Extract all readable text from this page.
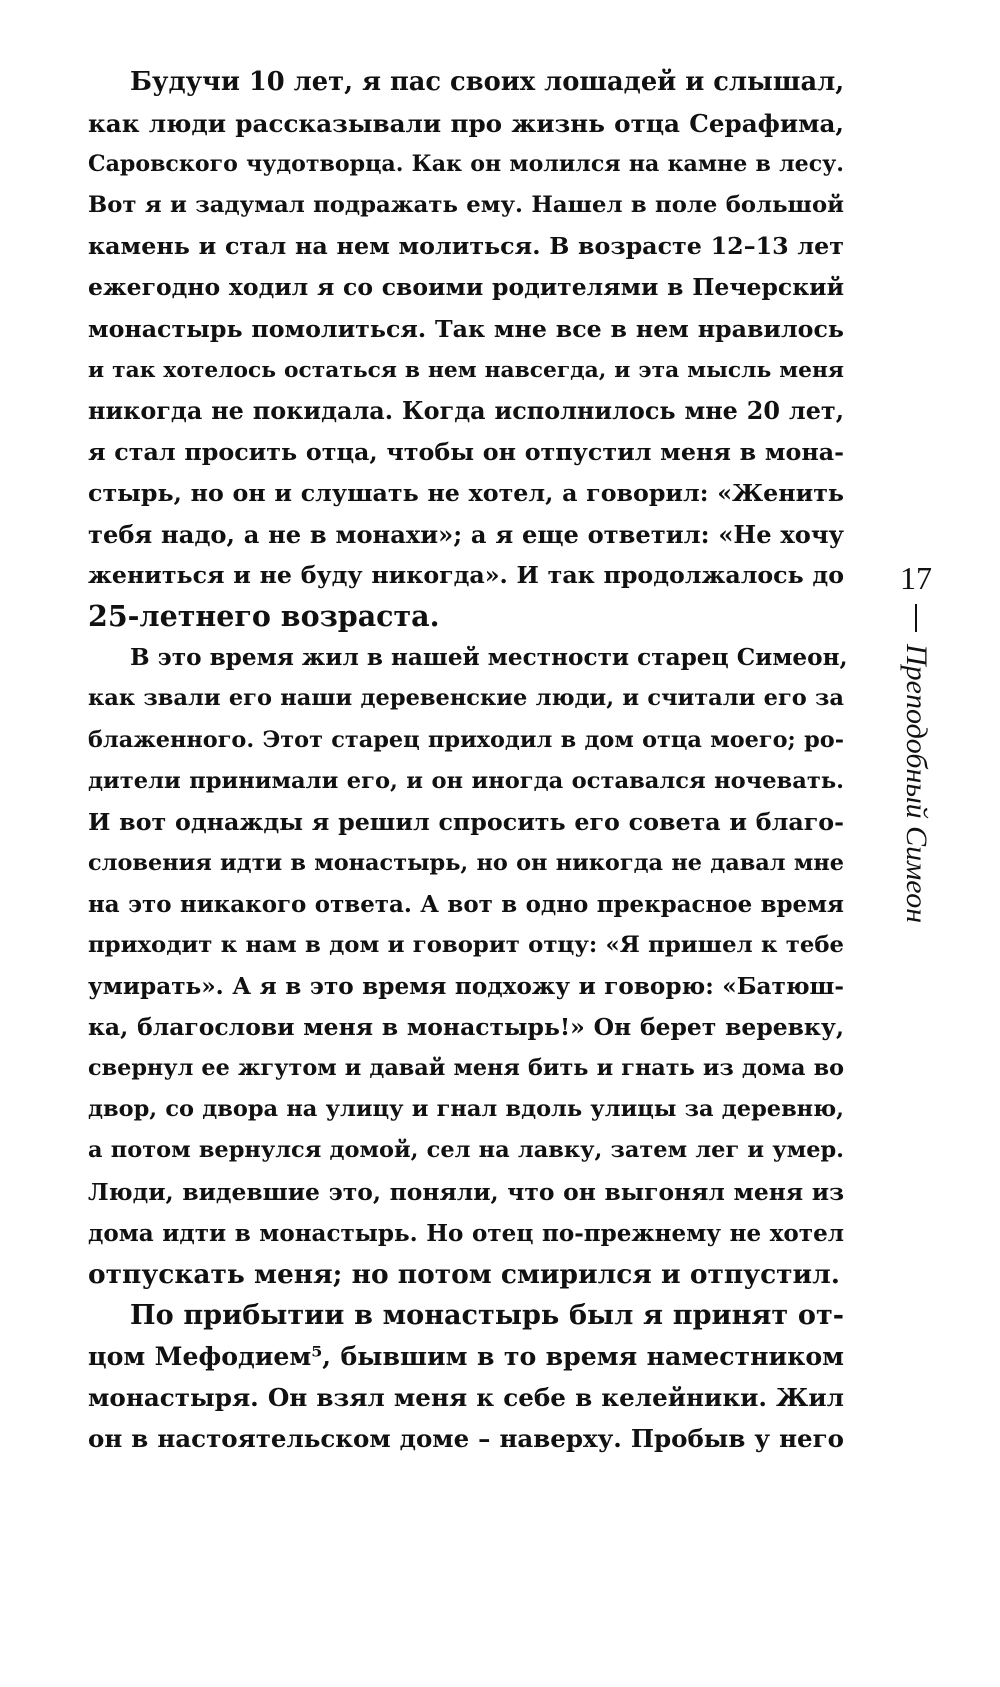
Будучи 10 лет, я пас своих лошадей и слышал,
как люди рассказывали про жизнь отца Серафима,
Саровского чудотворца. Как он молился на камне в лесу.
Вот я и задумал подражать ему. Нашел в поле большой
камень и стал на нем молиться. В возрасте 12–13 лет
ежегодно ходил я со своими родителями в Печерский
монастырь помолиться. Так мне все в нем нравилось
и так хотелось остаться в нем навсегда, и эта мысль меня
никогда не покидала. Когда исполнилось мне 20 лет,
я стал просить отца, чтобы он отпустил меня в мона-
стырь, но он и слушать не хотел, а говорил: «Женить
тебя надо, а не в монахи»; а я еще ответил: «Не хочу
жениться и не буду никогда». И так продолжалось до
25-летнего возраста.
В это время жил в нашей местности старец Симеон,
как звали его наши деревенские люди, и считали его за
блаженного. Этот старец приходил в дом отца моего; ро-
дители принимали его, и он иногда оставался ночевать.
И вот однажды я решил спросить его совета и благо-
словения идти в монастырь, но он никогда не давал мне
на это никакого ответа. А вот в одно прекрасное время
приходит к нам в дом и говорит отцу: «Я пришел к тебе
умирать». А я в это время подхожу и говорю: «Батюш-
ка, благослови меня в монастырь!» Он берет веревку,
свернул ее жгутом и давай меня бить и гнать из дома во
двор, со двора на улицу и гнал вдоль улицы за деревню,
а потом вернулся домой, сел на лавку, затем лег и умер.
Люди, видевшие это, поняли, что он выгонял меня из
дома идти в монастырь. Но отец по-прежнему не хотел
отпускать меня; но потом смирился и отпустил.
По прибытии в монастырь был я принят от-
цом Мефодием⁵, бывшим в то время наместником
монастыря. Он взял меня к себе в келейники. Жил
он в настоятельском доме – наверху. Пробыв у него
17
Преподобный Симеон
